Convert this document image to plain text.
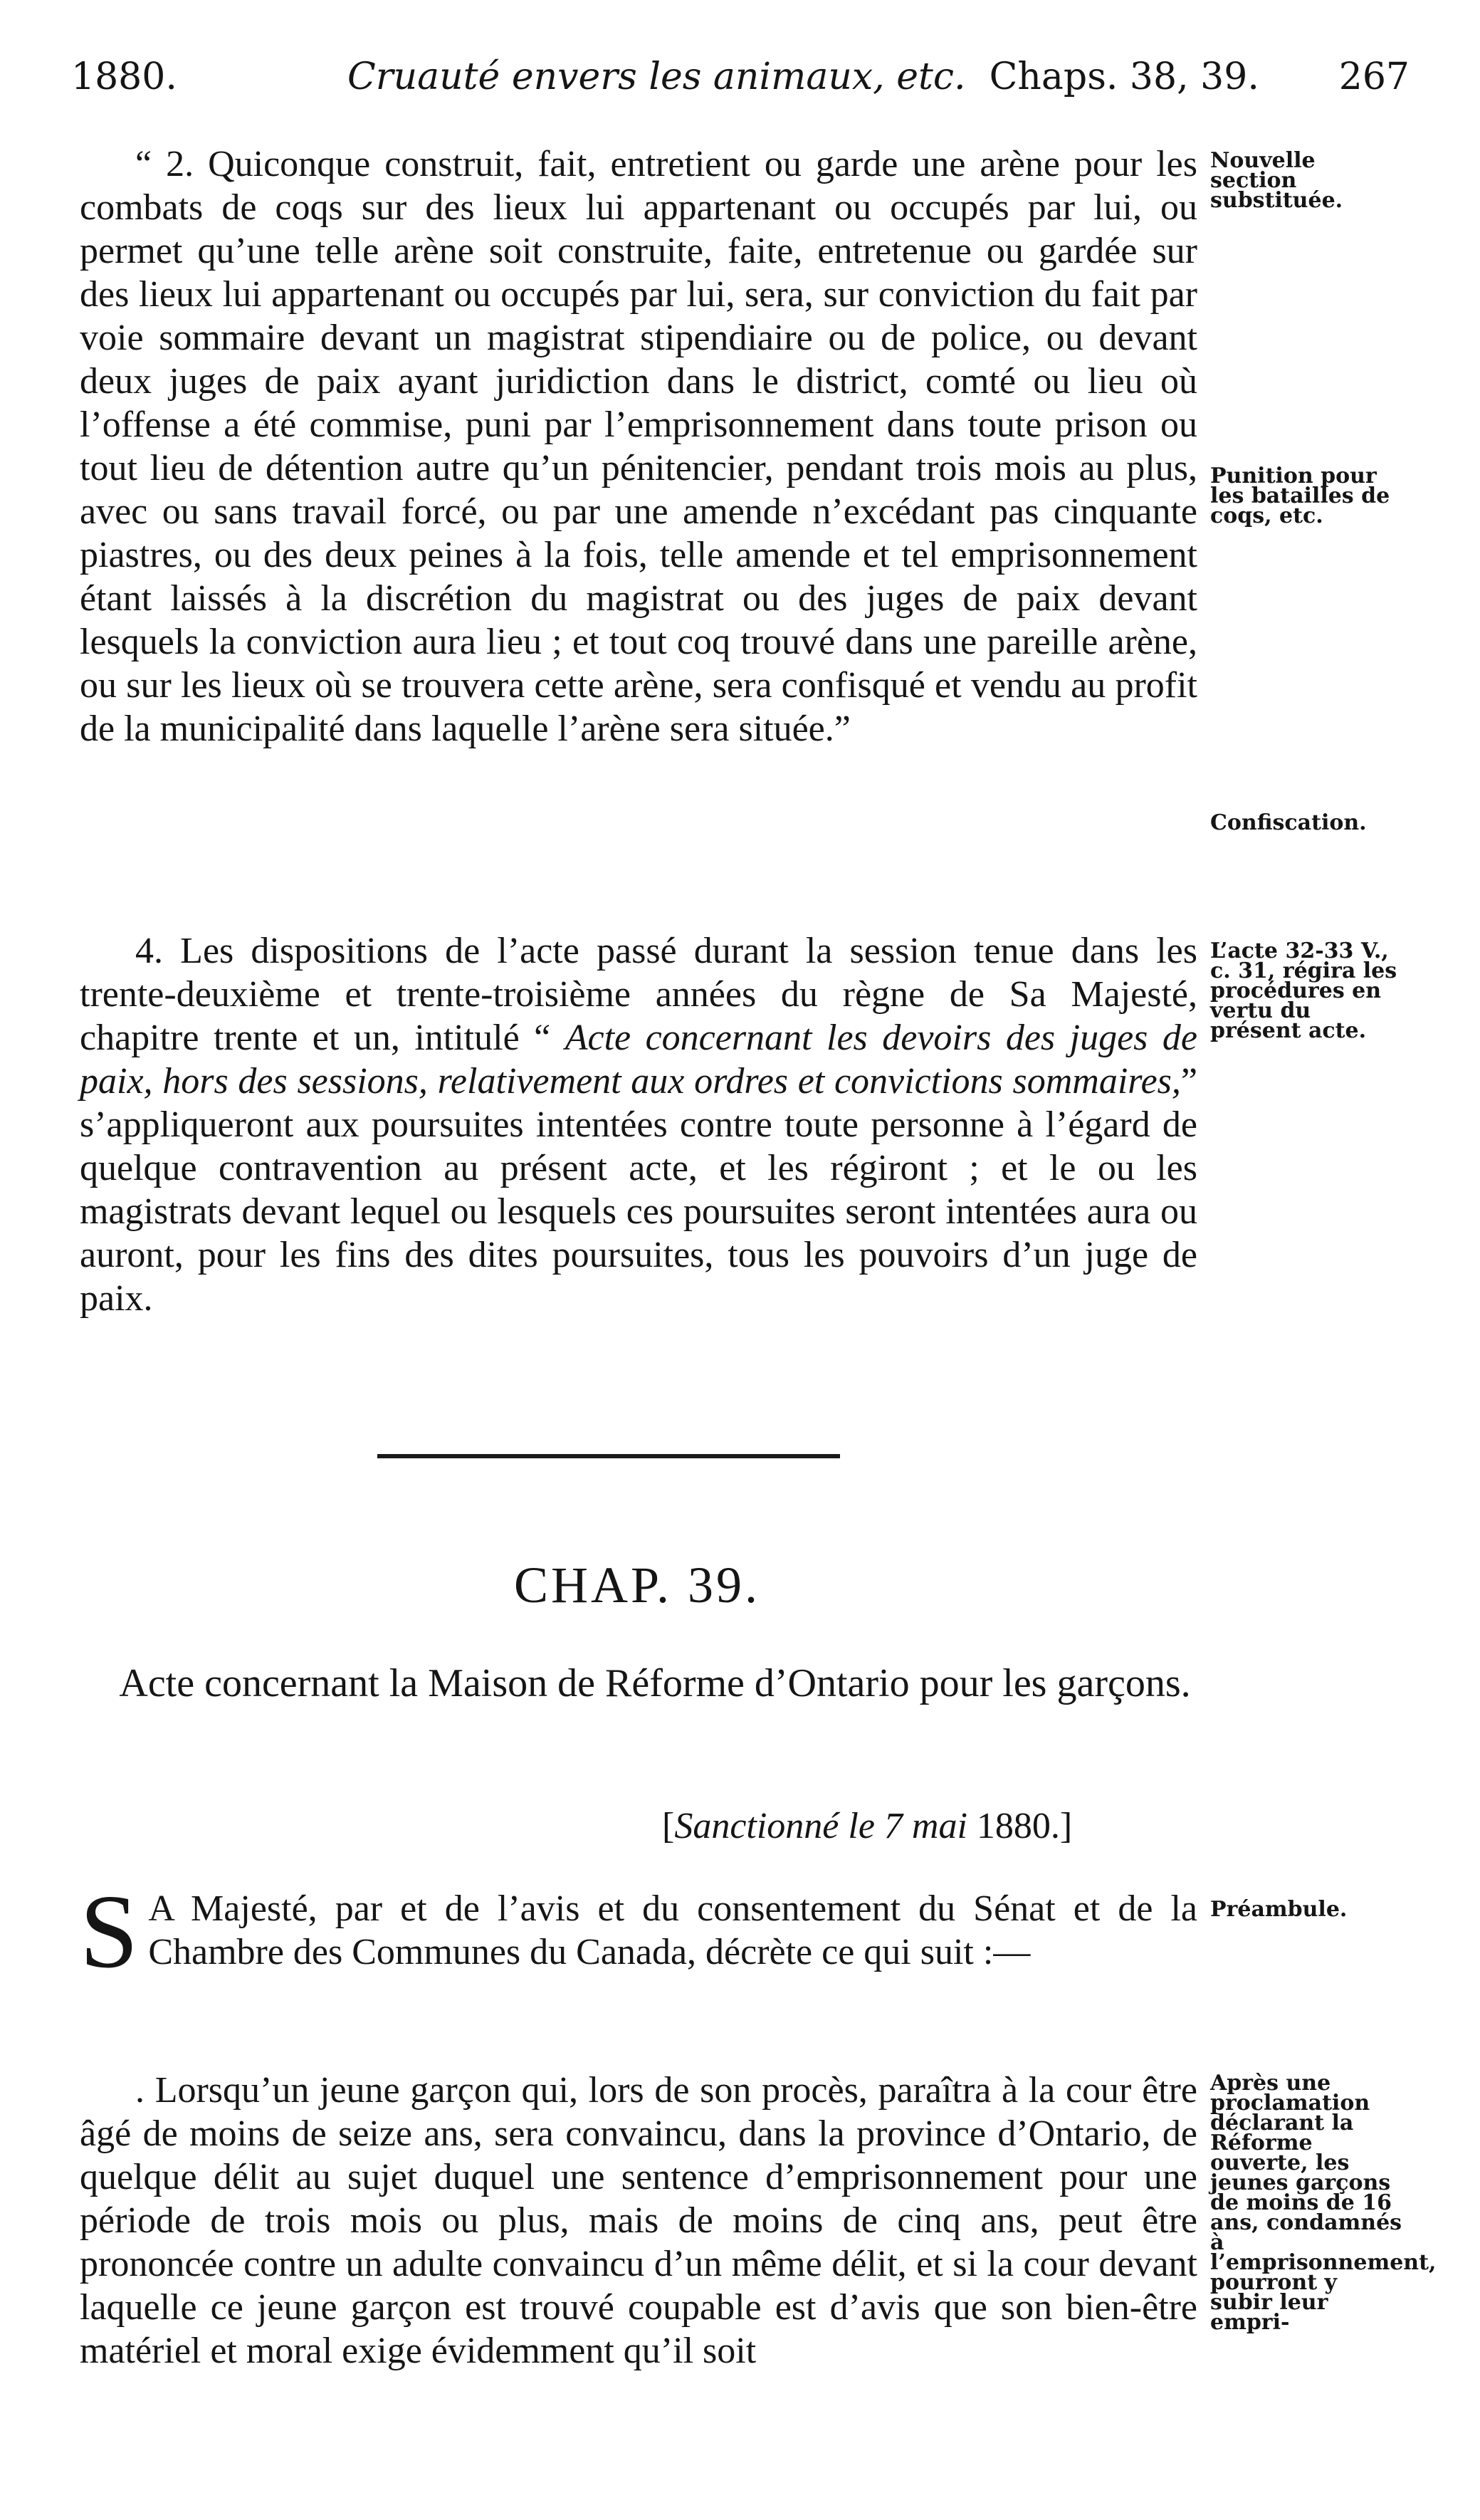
1880.	Cruauté envers les animaux, etc. Chaps. 38, 39. 267

“ 2. Quiconque construit, fait, entretient ou garde une arène pour les combats de coqs sur des lieux lui appartenant ou occupés par lui, ou permet qu’une telle arène soit construite, faite, entretenue ou gardée sur des lieux lui appartenant ou occupés par lui, sera, sur conviction du fait par voie sommaire devant un magistrat stipendiaire ou de police, ou devant deux juges de paix ayant juridiction dans le district, comté ou lieu où l’offense a été commise, puni par l’emprisonnement dans toute prison ou tout lieu de détention autre qu’un pénitencier, pendant trois mois au plus, avec ou sans travail forcé, ou par une amende n’excédant pas cinquante piastres, ou des deux peines à la fois, telle amende et tel emprisonnement étant laissés à la discrétion du magistrat ou des juges de paix devant lesquels la conviction aura lieu ; et tout coq trouvé dans une pareille arène, ou sur les lieux où se trouvera cette arène, sera confisqué et vendu au profit de la municipalité dans laquelle l’arène sera située.”

4. Les dispositions de l’acte passé durant la session tenue dans les trente-deuxième et trente-troisième années du règne de Sa Majesté, chapitre trente et un, intitulé “ Acte concernant les devoirs des juges de paix, hors des sessions, relativement aux ordres et convictions sommaires,” s’appliqueront aux poursuites intentées contre toute personne à l’égard de quelque contravention au présent acte, et les régiront ; et le ou les magistrats devant lequel ou lesquels ces poursuites seront intentées aura ou auront, pour les fins des dites poursuites, tous les pouvoirs d’un juge de paix.

CHAP. 39.
Acte concernant la Maison de Réforme d’Ontario pour les garçons.
[Sanctionné le 7 mai 1880.]

S A Majesté, par et de l’avis et du consentement du Sénat et de la Chambre des Communes du Canada, décrète ce qui suit :—

. Lorsqu’un jeune garçon qui, lors de son procès, paraîtra à la cour être âgé de moins de seize ans, sera convaincu, dans la province d’Ontario, de quelque délit au sujet duquel une sentence d’emprisonnement pour une période de trois mois ou plus, mais de moins de cinq ans, peut être prononcée contre un adulte convaincu d’un même délit, et si la cour devant laquelle ce jeune garçon est trouvé coupable est d’avis que son bien-être matériel et moral exige évidemment qu’il soit

Nouvelle section substituée.
Punition pour les batailles de coqs, etc.
Confiscation.
L’acte 32-33 V., c. 31, régira les procédures en vertu du présent acte.
Préambule.
Après une proclamation déclarant la Réforme ouverte, les jeunes garçons de moins de 16 ans, condamnés à l’emprisonnement, pourront y subir leur empri-
